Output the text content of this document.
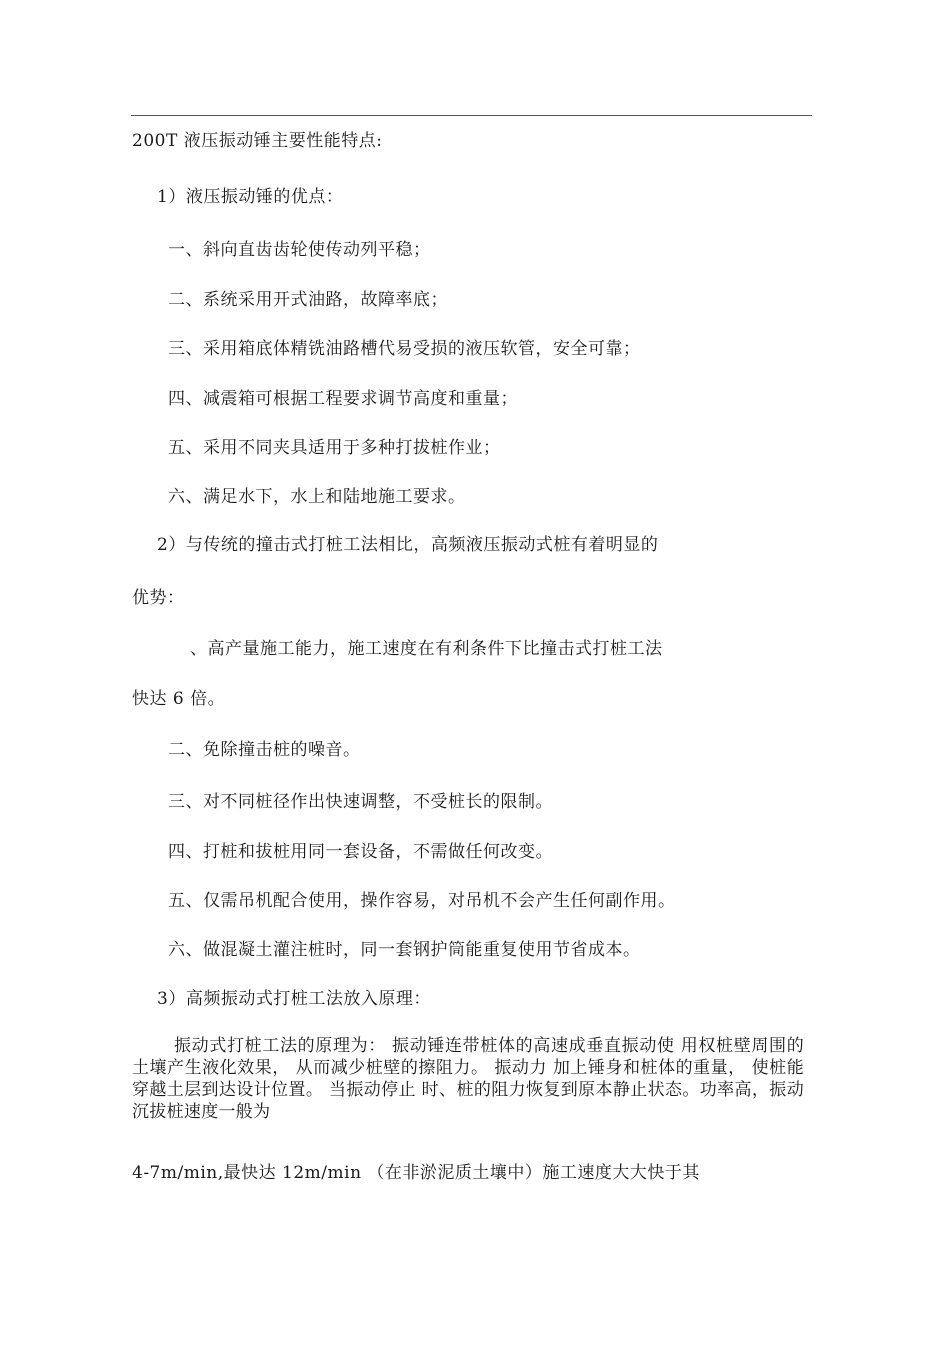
200T 液压振动锤主要性能特点:
1）液压振动锤的优点：
一、斜向直齿齿轮使传动列平稳；
二、系统采用开式油路，故障率底；
三、采用箱底体精铣油路槽代易受损的液压软管，安全可靠；
四、减震箱可根据工程要求调节高度和重量；
五、采用不同夹具适用于多种打拔桩作业；
六、满足水下，水上和陆地施工要求。
2）与传统的撞击式打桩工法相比，高频液压振动式桩有着明显的
优势：
、高产量施工能力，施工速度在有利条件下比撞击式打桩工法
快达 6 倍。
二、免除撞击桩的噪音。
三、对不同桩径作出快速调整，不受桩长的限制。
四、打桩和拔桩用同一套设备，不需做任何改变。
五、仅需吊机配合使用，操作容易，对吊机不会产生任何副作用。
六、做混凝土灌注桩时，同一套钢护筒能重复使用节省成本。
3）高频振动式打桩工法放入原理：
振动式打桩工法的原理为： 振动锤连带桩体的高速成垂直振动使 用权桩壁周围的土壤产生液化效果， 从而减少桩壁的擦阻力。 振动力 加上锤身和桩体的重量， 使桩能穿越土层到达设计位置。 当振动停止 时、桩的阻力恢复到原本静止状态。功率高，振动沉拔桩速度一般为
4-7m/min,最快达 12m/min （在非淤泥质土壤中）施工速度大大快于其
